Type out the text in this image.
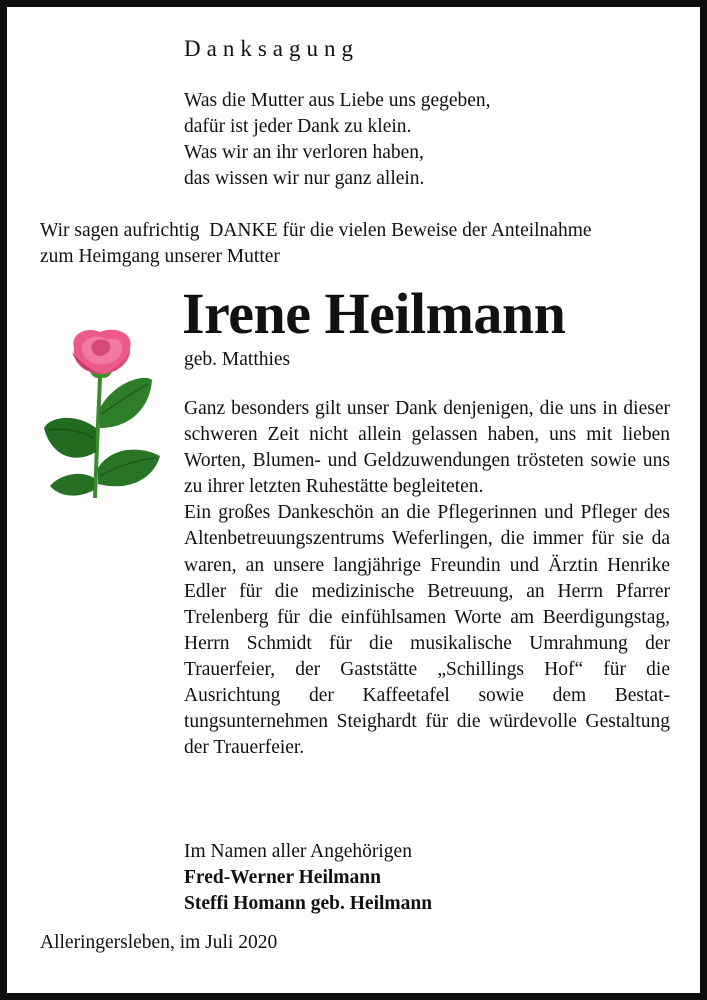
Danksagung
Was die Mutter aus Liebe uns gegeben,
dafür ist jeder Dank zu klein.
Was wir an ihr verloren haben,
das wissen wir nur ganz allein.
Wir sagen aufrichtig  DANKE für die vielen Beweise der Anteilnahme
zum Heimgang unserer Mutter
Irene Heilmann
geb. Matthies
Ganz besonders gilt unser Dank denjenigen, die uns in dieser schweren Zeit nicht allein gelassen haben, uns mit lieben Worten, Blumen- und Geldzuwendungen trösteten sowie uns zu ihrer letzten Ruhestätte begleiteten.
Ein großes Dankeschön an die Pflegerinnen und Pfleger des Altenbetreuungszentrums Weferlingen, die immer für sie da waren, an unsere langjährige Freundin und Ärztin Henrike Edler für die medizinische Betreuung, an Herrn Pfarrer Trelenberg für die einfühlsamen Worte am Beerdigungstag, Herrn Schmidt für die musikalische Umrahmung der Trauerfeier, der Gaststätte „Schillings Hof“ für die Ausrichtung der Kaffeetafel sowie dem Bestattungsunternehmen Steighardt für die würdevolle Gestaltung der Trauerfeier.
Im Namen aller Angehörigen
Fred-Werner Heilmann
Steffi Homann geb. Heilmann
Alleringersleben, im Juli 2020
